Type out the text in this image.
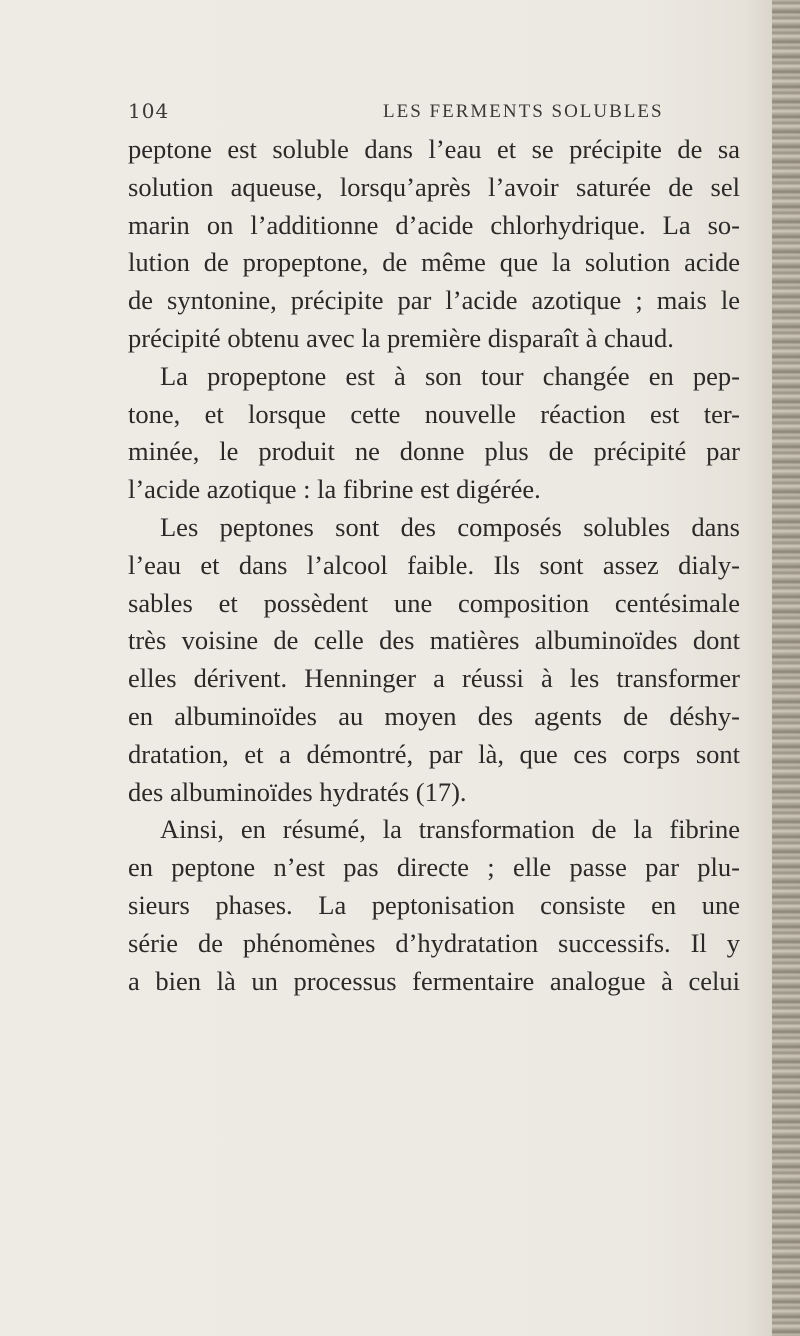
104	LES FERMENTS SOLUBLES
peptone est soluble dans l’eau et se précipite de sa
solution aqueuse, lorsqu’après l’avoir saturée de sel
marin on l’additionne d’acide chlorhydrique. La so-
lution de propeptone, de même que la solution acide
de syntonine, précipite par l’acide azotique ; mais le
précipité obtenu avec la première disparaît à chaud.
La propeptone est à son tour changée en pep-
tone, et lorsque cette nouvelle réaction est ter-
minée, le produit ne donne plus de précipité par
l’acide azotique : la fibrine est digérée.
Les peptones sont des composés solubles dans
l’eau et dans l’alcool faible. Ils sont assez dialy-
sables et possèdent une composition centésimale
très voisine de celle des matières albuminoïdes dont
elles dérivent. Henninger a réussi à les transformer
en albuminoïdes au moyen des agents de déshy-
dratation, et a démontré, par là, que ces corps sont
des albuminoïdes hydratés (17).
Ainsi, en résumé, la transformation de la fibrine
en peptone n’est pas directe ; elle passe par plu-
sieurs phases. La peptonisation consiste en une
série de phénomènes d’hydratation successifs. Il y
a bien là un processus fermentaire analogue à celui
